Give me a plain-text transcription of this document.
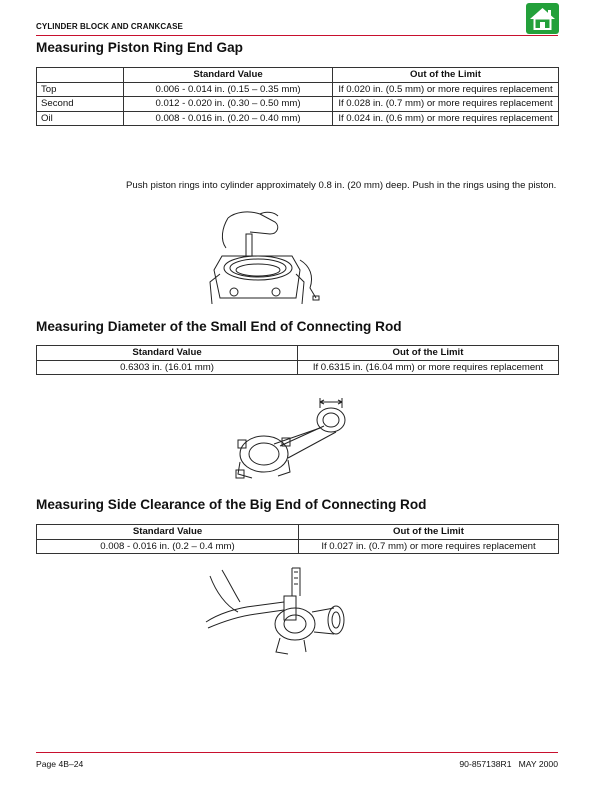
CYLINDER BLOCK AND CRANKCASE
Measuring Piston Ring End Gap
	Standard Value	Out of the Limit
Top	0.006 - 0.014 in. (0.15 – 0.35 mm)	If 0.020 in. (0.5 mm) or more requires replacement
Second	0.012 - 0.020 in. (0.30 – 0.50 mm)	If 0.028 in. (0.7 mm) or more requires replacement
Oil	0.008 - 0.016 in. (0.20 – 0.40 mm)	If 0.024 in. (0.6 mm) or more requires replacement

Push piston rings into cylinder approximately 0.8 in. (20 mm) deep. Push in the rings using the piston.

Measuring Diameter of the Small End of Connecting Rod
Standard Value	Out of the Limit
0.6303 in. (16.01 mm)	If 0.6315 in. (16.04 mm) or more requires replacement
Measuring Side Clearance of the Big End of Connecting Rod
Standard Value	Out of the Limit
0.008 - 0.016 in. (0.2 – 0.4 mm)	If 0.027 in. (0.7 mm) or more requires replacement
Page 4B–24	90-857138R1   MAY 2000
